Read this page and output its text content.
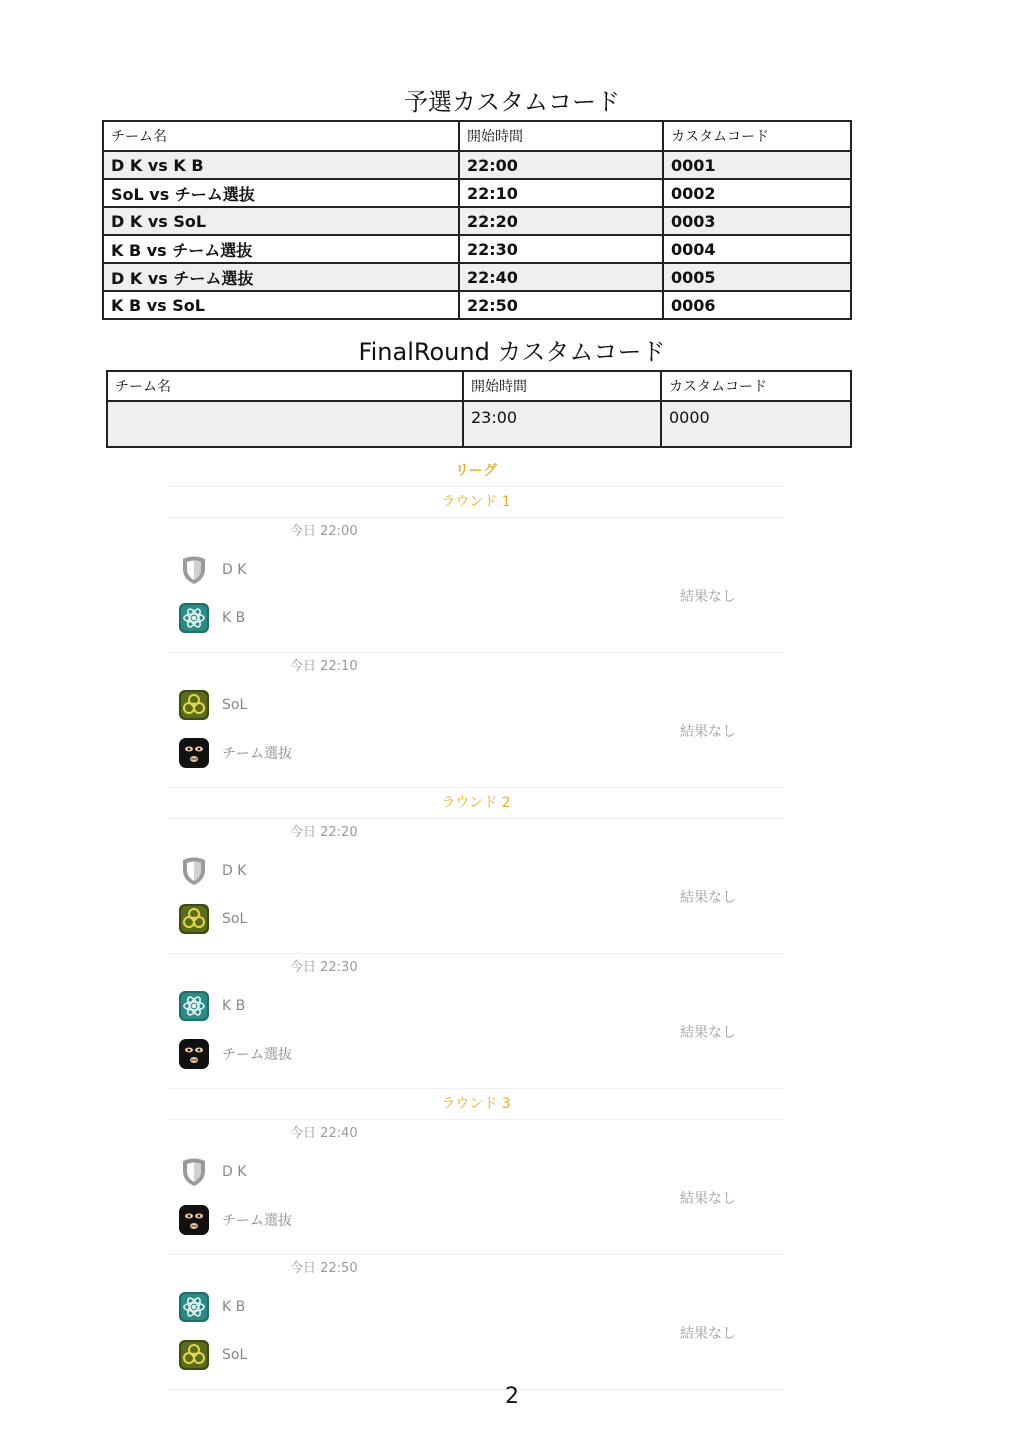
予選カスタムコード
チーム名	開始時間	カスタムコード
D K vs K B	22:00	0001
SoL vs チーム選抜	22:10	0002
D K vs SoL	22:20	0003
K B vs チーム選抜	22:30	0004
D K vs チーム選抜	22:40	0005
K B vs SoL	22:50	0006
FinalRound カスタムコード
チーム名	開始時間	カスタムコード
	23:00	0000
リーグ
ラウンド 1
今日 22:00
D K
K B
結果なし
今日 22:10
SoL
チーム選抜
結果なし
ラウンド 2
今日 22:20
D K
SoL
結果なし
今日 22:30
K B
チーム選抜
結果なし
ラウンド 3
今日 22:40
D K
チーム選抜
結果なし
今日 22:50
K B
SoL
結果なし
2
